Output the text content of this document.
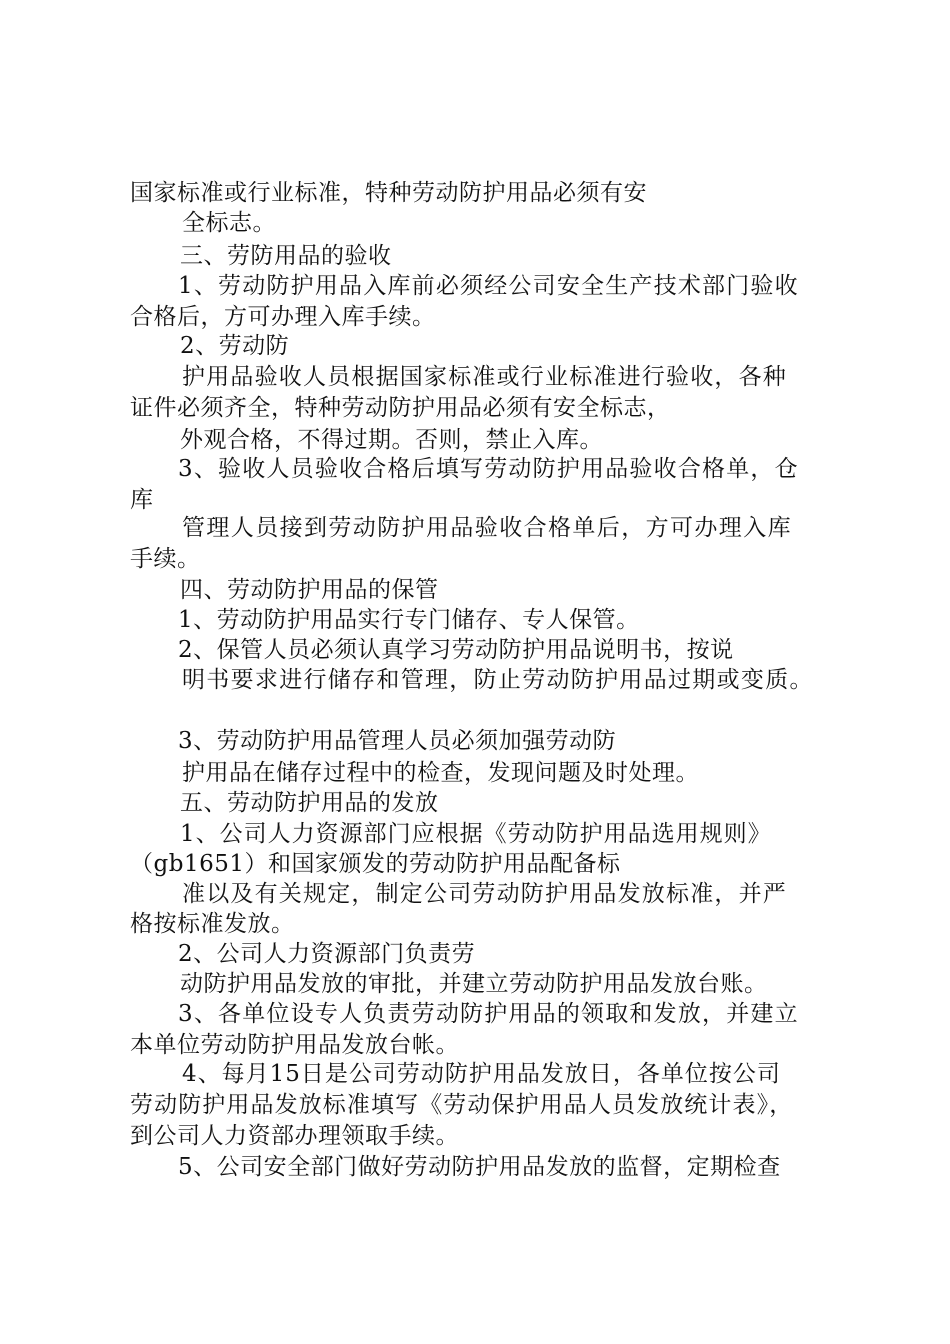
国家标准或行业标准，特种劳动防护用品必须有安
全标志。
三、劳防用品的验收
1、劳动防护用品入库前必须经公司安全生产技术部门验收
合格后，方可办理入库手续。
2、劳动防
护用品验收人员根据国家标准或行业标准进行验收，各种
证件必须齐全，特种劳动防护用品必须有安全标志，
外观合格，不得过期。否则，禁止入库。
3、验收人员验收合格后填写劳动防护用品验收合格单，仓
库
管理人员接到劳动防护用品验收合格单后，方可办理入库
手续。
四、劳动防护用品的保管
1、劳动防护用品实行专门储存、专人保管。
2、保管人员必须认真学习劳动防护用品说明书，按说
明书要求进行储存和管理，防止劳动防护用品过期或变质。
3、劳动防护用品管理人员必须加强劳动防
护用品在储存过程中的检查，发现问题及时处理。
五、劳动防护用品的发放
1、公司人力资源部门应根据《劳动防护用品选用规则》
（gb1651）和国家颁发的劳动防护用品配备标
准以及有关规定，制定公司劳动防护用品发放标准，并严
格按标准发放。
2、公司人力资源部门负责劳
动防护用品发放的审批，并建立劳动防护用品发放台账。
3、各单位设专人负责劳动防护用品的领取和发放，并建立
本单位劳动防护用品发放台帐。
4、每月15日是公司劳动防护用品发放日，各单位按公司
劳动防护用品发放标准填写《劳动保护用品人员发放统计表》，
到公司人力资部办理领取手续。
5、公司安全部门做好劳动防护用品发放的监督，定期检查
